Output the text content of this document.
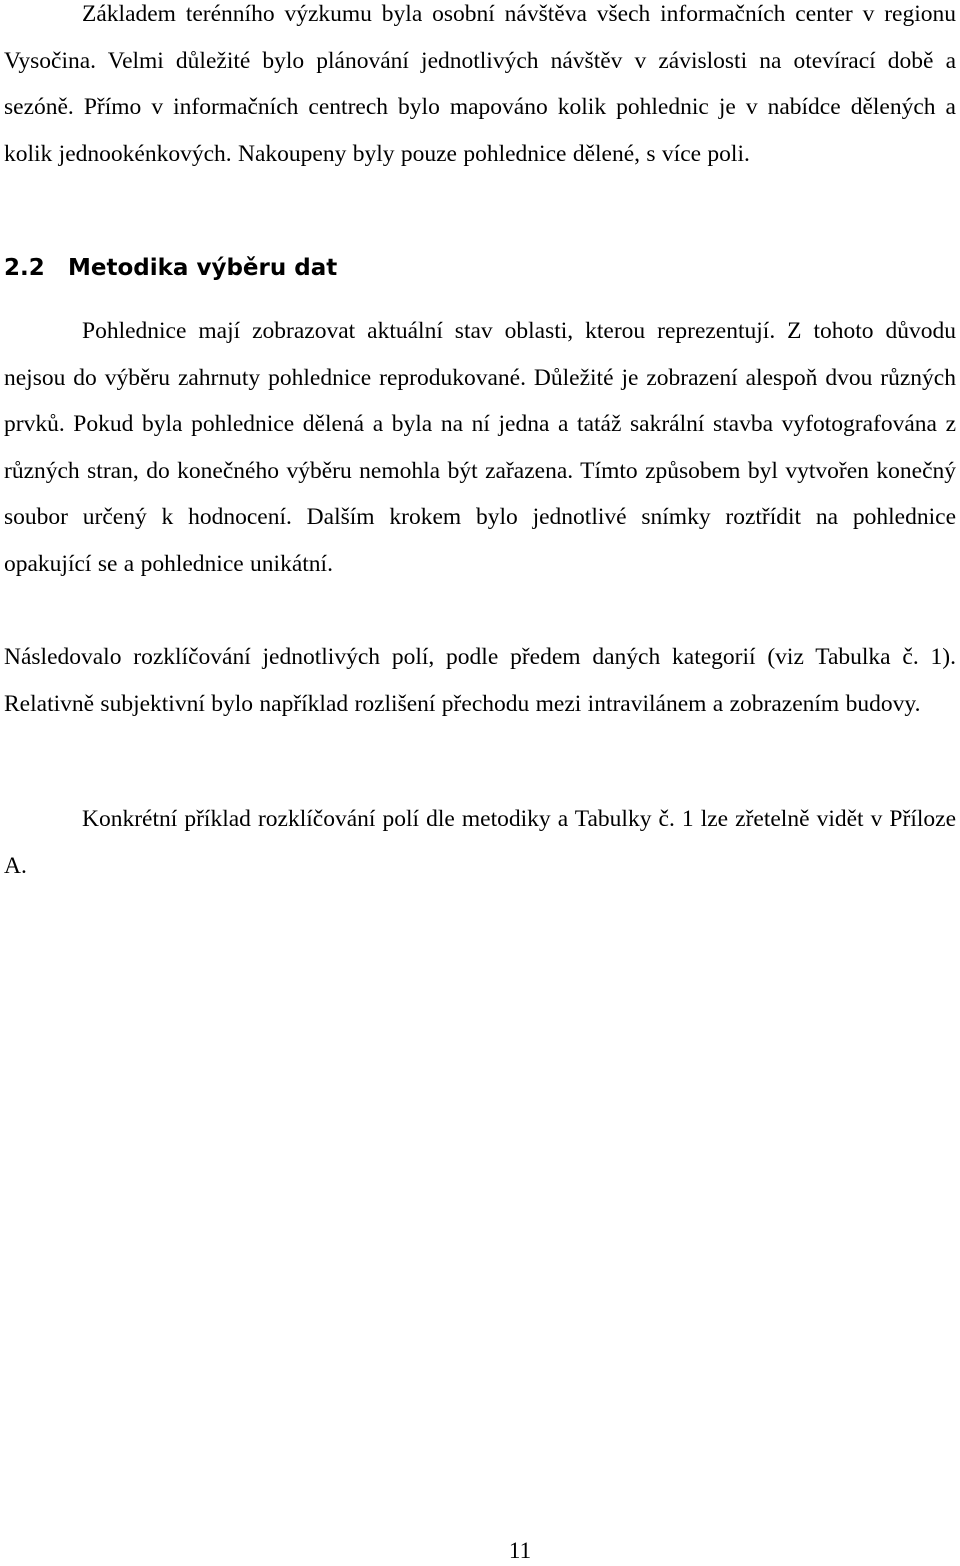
Základem terénního výzkumu byla osobní návštěva všech informačních center v regionu Vysočina. Velmi důležité bylo plánování jednotlivých návštěv v závislosti na otevírací době a sezóně. Přímo v informačních centrech bylo mapováno kolik pohlednic je v nabídce dělených a kolik jednookénkových. Nakoupeny byly pouze pohlednice dělené, s více poli.

2.2 Metodika výběru dat

Pohlednice mají zobrazovat aktuální stav oblasti, kterou reprezentují. Z tohoto důvodu nejsou do výběru zahrnuty pohlednice reprodukované. Důležité je zobrazení alespoň dvou různých prvků. Pokud byla pohlednice dělená a byla na ní jedna a tatáž sakrální stavba vyfotografována z různých stran, do konečného výběru nemohla být zařazena. Tímto způsobem byl vytvořen konečný soubor určený k hodnocení. Dalším krokem bylo jednotlivé snímky roztřídit na pohlednice opakující se a pohlednice unikátní.

Následovalo rozklíčování jednotlivých polí, podle předem daných kategorií (viz Tabulka č. 1). Relativně subjektivní bylo například rozlišení přechodu mezi intravilánem a zobrazením budovy.

Konkrétní příklad rozklíčování polí dle metodiky a Tabulky č. 1 lze zřetelně vidět v Příloze A.

11
